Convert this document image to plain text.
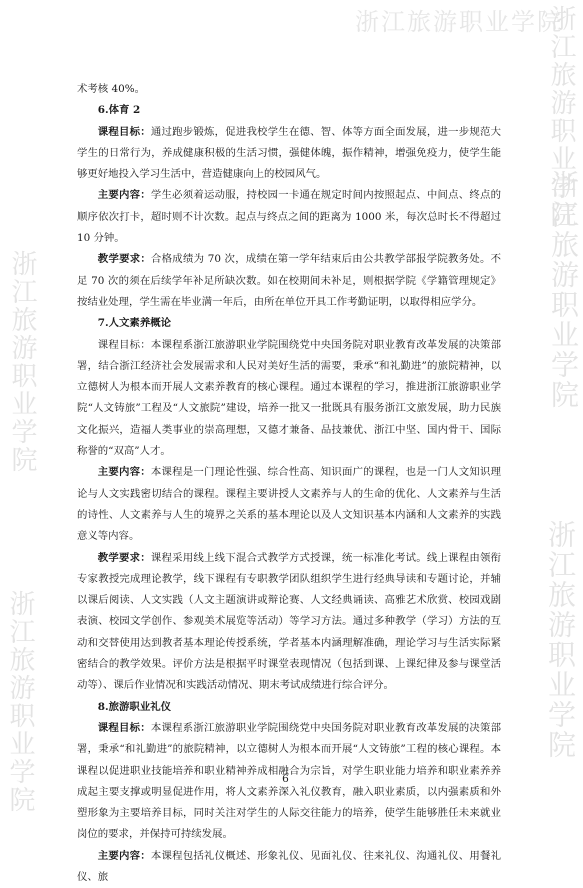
浙江旅游职业学院
浙江旅游职业学院
浙江旅游职业学院
浙江旅游职业学院
浙江旅游职业学院
浙江旅游职业学院

术考核 40%。

6.体育 2

课程目标：通过跑步锻炼，促进我校学生在德、智、体等方面全面发展，进一步规范大学生的日常行为，养成健康积极的生活习惯，强健体魄，振作精神，增强免疫力，使学生能够更好地投入学习生活中，营造健康向上的校园风气。

主要内容：学生必须着运动服，持校园一卡通在规定时间内按照起点、中间点、终点的顺序依次打卡，超时则不计次数。起点与终点之间的距离为 1000 米，每次总时长不得超过 10 分钟。

教学要求：合格成绩为 70 次，成绩在第一学年结束后由公共教学部报学院教务处。不足 70 次的须在后续学年补足所缺次数。如在校期间未补足，则根据学院《学籍管理规定》按结业处理，学生需在毕业满一年后，由所在单位开具工作考勤证明，以取得相应学分。

7.人文素养概论

课程目标：本课程系浙江旅游职业学院围绕党中央国务院对职业教育改革发展的决策部署，结合浙江经济社会发展需求和人民对美好生活的需要，秉承“和礼勤进”的旅院精神，以立德树人为根本而开展人文素养教育的核心课程。通过本课程的学习，推进浙江旅游职业学院“人文铸旅”工程及“人文旅院”建设，培养一批又一批既具有服务浙江文旅发展，助力民族文化振兴，造福人类事业的崇高理想，又德才兼备、品技兼优、浙江中坚、国内骨干、国际称誉的“双高”人才。

主要内容：本课程是一门理论性强、综合性高、知识面广的课程，也是一门人文知识理论与人文实践密切结合的课程。课程主要讲授人文素养与人的生命的优化、人文素养与生活的诗性、人文素养与人生的境界之关系的基本理论以及人文知识基本内涵和人文素养的实践意义等内容。

教学要求：课程采用线上线下混合式教学方式授课，统一标准化考试。线上课程由领衔专家教授完成理论教学，线下课程有专职教学团队组织学生进行经典导读和专题讨论，并辅以课后阅读、人文实践（人文主题演讲或辩论赛、人文经典诵读、高雅艺术欣赏、校园戏剧表演、校园文学创作、参观美术展览等活动）等学习方法。通过多种教学（学习）方法的互动和交替使用达到教者基本理论传授系统，学者基本内涵理解准确，理论学习与生活实际紧密结合的教学效果。评价方法是根据平时课堂表现情况（包括到课、上课纪律及参与课堂活动等）、课后作业情况和实践活动情况、期末考试成绩进行综合评分。

8.旅游职业礼仪

课程目标：本课程系浙江旅游职业学院围绕党中央国务院对职业教育改革发展的决策部署，秉承“和礼勤进”的旅院精神，以立德树人为根本而开展“人文铸旅”工程的核心课程。本课程以促进职业技能培养和职业精神养成相融合为宗旨，对学生职业能力培养和职业素养养成起主要支撑或明显促进作用，将人文素养深入礼仪教育，融入职业素质，以内强素质和外塑形象为主要培养目标，同时关注对学生的人际交往能力的培养，使学生能够胜任未来就业岗位的要求，并保持可持续发展。

主要内容：本课程包括礼仪概述、形象礼仪、见面礼仪、往来礼仪、沟通礼仪、用餐礼仪、旅

6
